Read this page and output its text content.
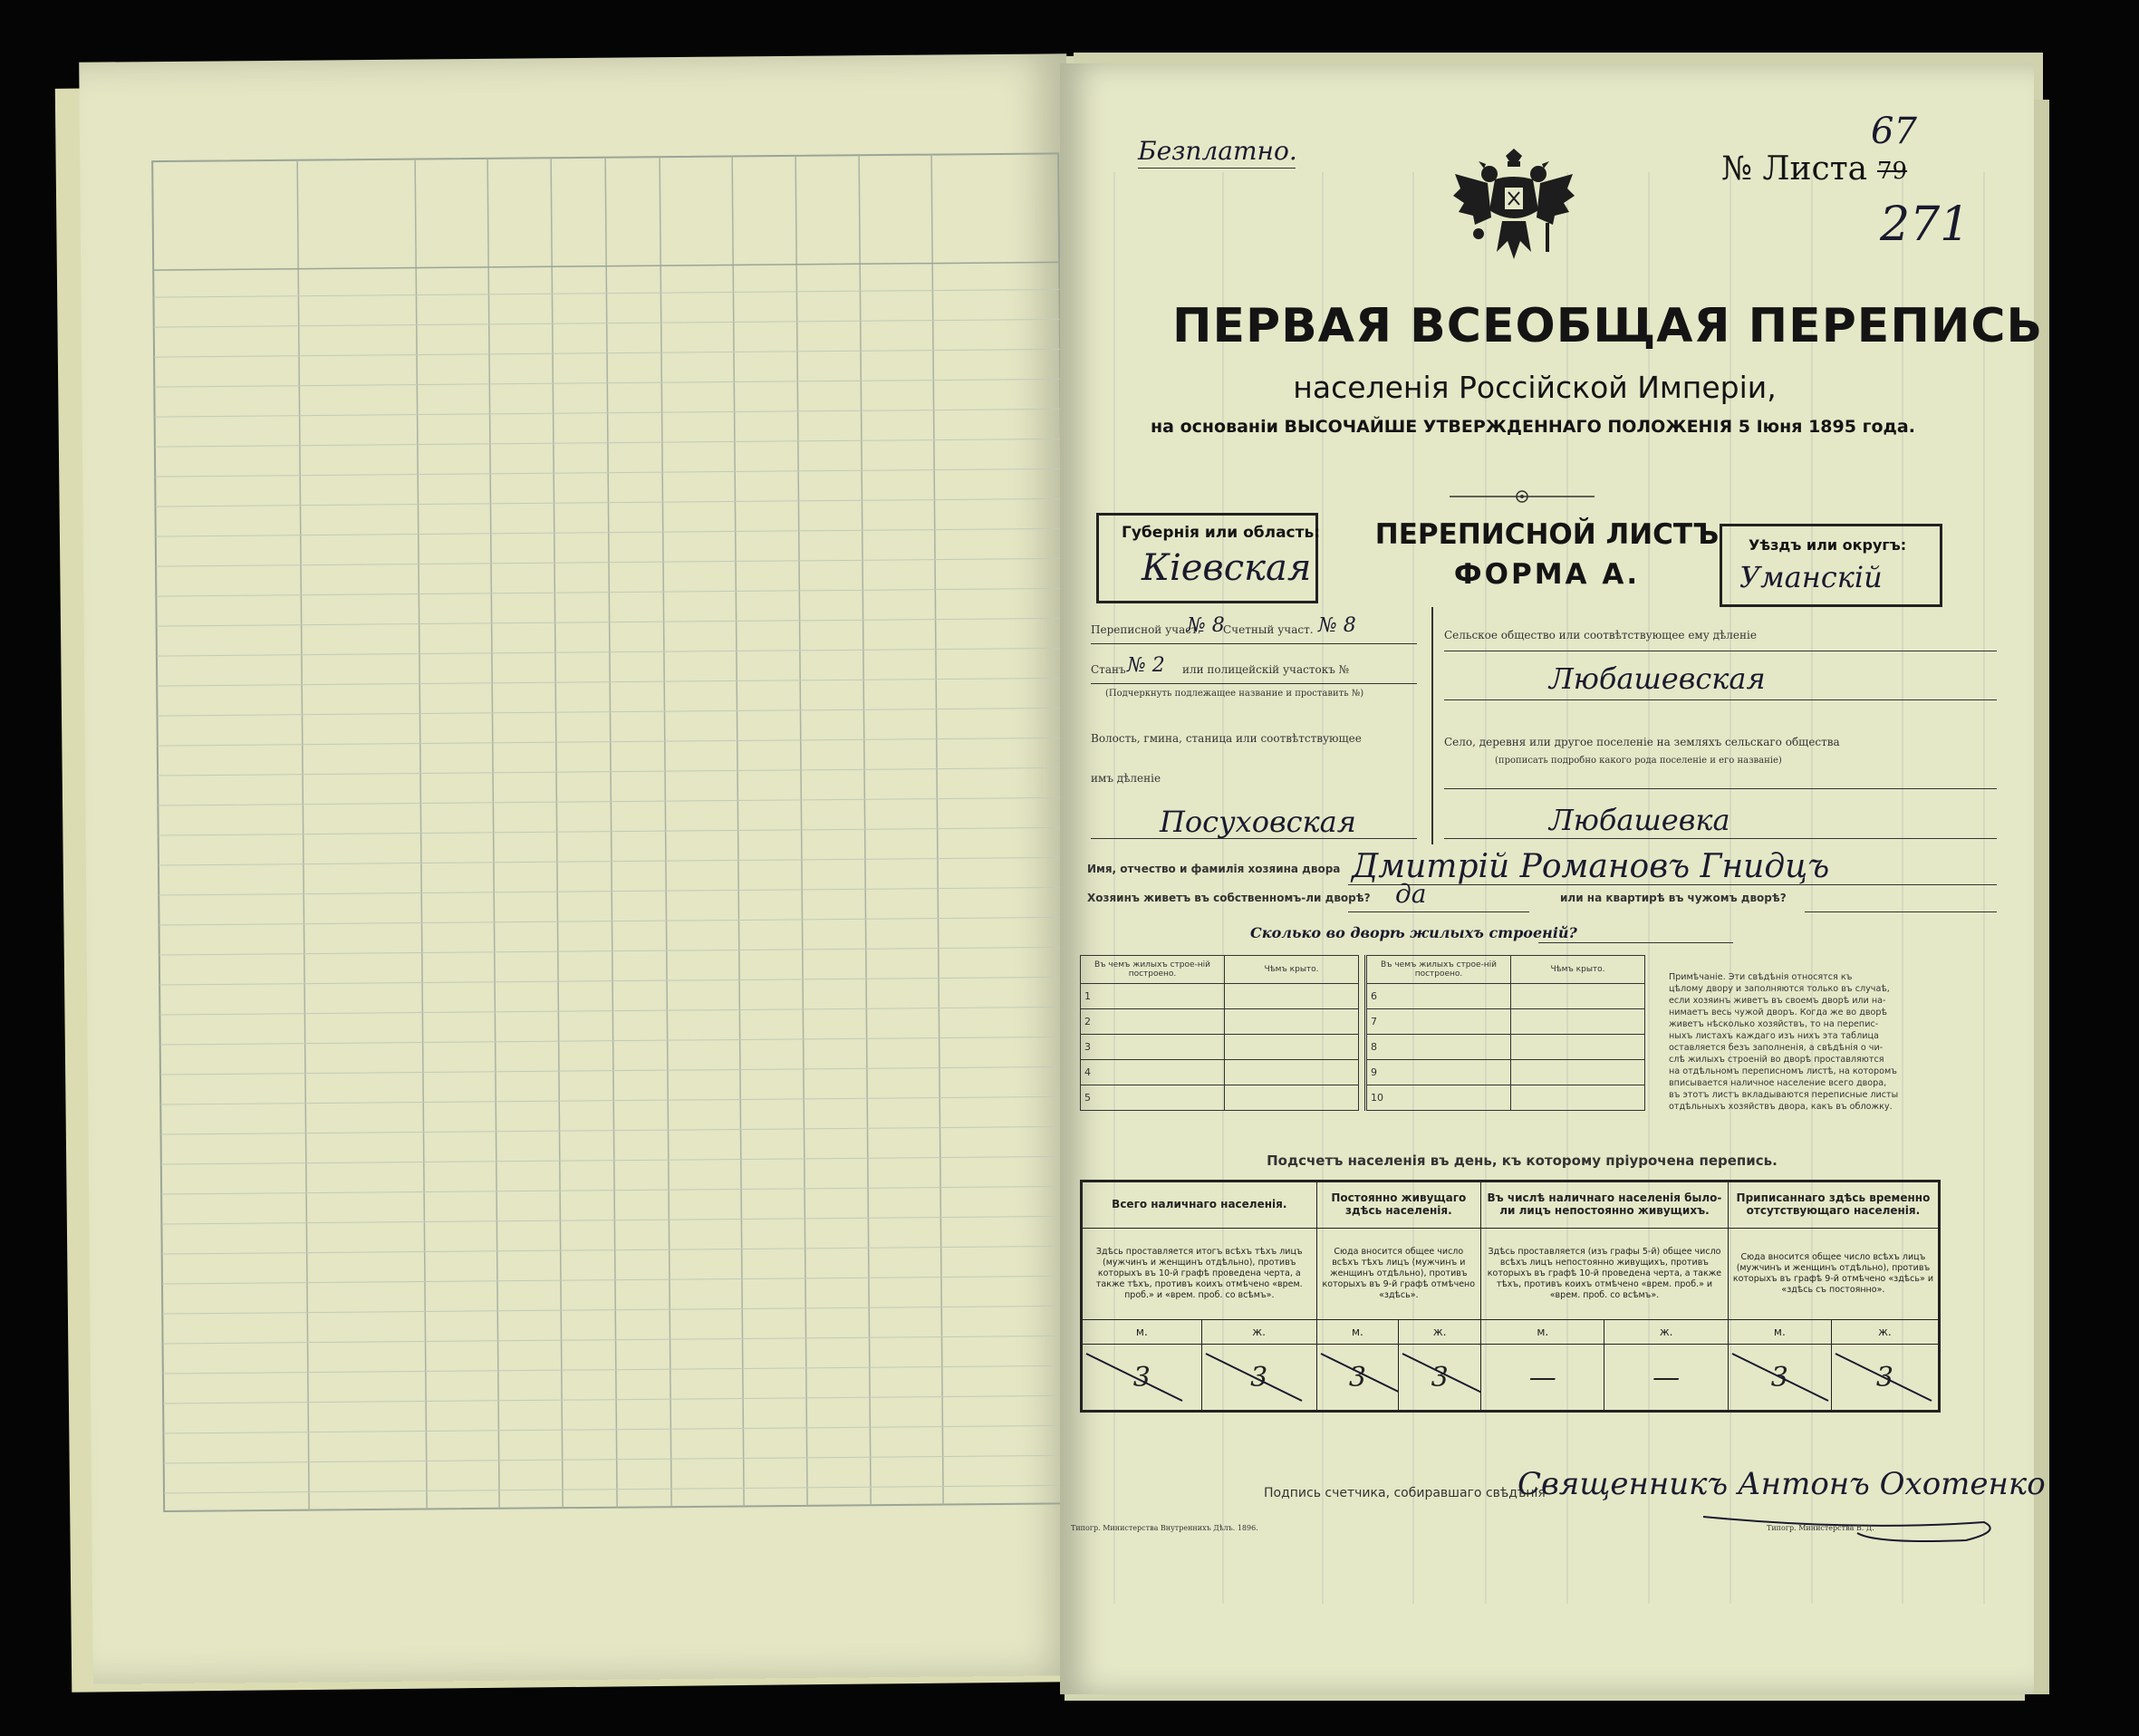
Безплатно.	№ Листа 79
67
271
ПЕРВАЯ ВСЕОБЩАЯ ПЕРЕПИСЬ
населенія Россійской Имперіи,
на основаніи ВЫСОЧАЙШЕ УТВЕРЖДЕННАГО ПОЛОЖЕНІЯ 5 Іюня 1895 года.
Губернія или область:
Кіевская
ПЕРЕПИСНОЙ ЛИСТЪ
ФОРМА А.
Уѣздъ или округъ:
Уманскій
Переписной участ.
№ 8
Счетный участ. № 8
Станъ № 2 или полицейскій участокъ №
(Подчеркнуть подлежащее название и проставить №)
Волость, гмина, станица или соотвѣтствующее
имъ дѣленіе
Посуховская
Сельское общество или соотвѣтствующее ему дѣленіе
Любашевская
Село, деревня или другое поселеніе на земляхъ сельскаго общества
(прописать подробно какого рода поселеніе и его названіе)
Любашевка
Имя, отчество и фамилія хозяина двора Дмитрій Романовъ Гнидцъ
Хозяинъ живетъ въ собственномъ-ли дворѣ? да	или на квартирѣ въ чужомъ дворѣ?
Сколько во дворѣ жилыхъ строеній?
Въ чемъ жилыхъ строе-ній построено.	Чѣмъ крыто.
1	
2	
3	
4	
5	
Въ чемъ жилыхъ строе-ній построено.	Чѣмъ крыто.
6	
7	
8	
9	
10	
Примѣчаніе. Эти свѣдѣнія относятся къ
цѣлому двору и заполняются только въ случаѣ,
если хозяинъ живетъ въ своемъ дворѣ или на-
нимаетъ весь чужой дворъ. Когда же во дворѣ
живетъ нѣсколько хозяйствъ, то на перепис-
ныхъ листахъ каждаго изъ нихъ эта таблица
оставляется безъ заполненія, а свѣдѣнія о чи-
слѣ жилыхъ строеній во дворѣ проставляются
на отдѣльномъ переписномъ листѣ, на которомъ
вписывается наличное население всего двора,
въ этотъ листъ вкладываются переписные листы
отдѣльныхъ хозяйствъ двора, какъ въ обложку.
Подсчетъ населенія въ день, къ которому пріурочена перепись.
Всего наличнаго населенія.		Постоянно живущаго здѣсь населенія.		Въ числѣ наличнаго населенія было-ли лицъ непостоянно живущихъ.		Приписаннаго здѣсь временно отсутствующаго населенія.	
Здѣсь проставляется итогъ всѣхъ тѣхъ лицъ (мужчинъ и женщинъ отдѣльно), противъ которыхъ въ 10-й графѣ проведена черта, а также тѣхъ, противъ коихъ отмѣчено «врем. проб.» и «врем. проб. со всѣмъ».		Сюда вносится общее число всѣхъ тѣхъ лицъ (мужчинъ и женщинъ отдѣльно), противъ которыхъ въ 9-й графѣ отмѣчено «здѣсь».		Здѣсь проставляется (изъ графы 5-й) общее число всѣхъ лицъ непостоянно живущихъ, противъ которыхъ въ графѣ 10-й проведена черта, а также тѣхъ, противъ коихъ отмѣчено «врем. проб.» и «врем. проб. со всѣмъ».		Сюда вносится общее число всѣхъ лицъ (мужчинъ и женщинъ отдѣльно), противъ которыхъ въ графѣ 9-й отмѣчено «здѣсь» и «здѣсь съ постоянно».	
м.	ж.	м.	ж.	м.	ж.	м.	ж.
3	3	3	3	—	—	3	3
Подпись счетчика, собиравшаго свѣдѣнія
Священникъ Антонъ Охотенко
Типогр. Министерства Внутреннихъ Дѣлъ. 1896.	Типогр. Министерства В. Д.
